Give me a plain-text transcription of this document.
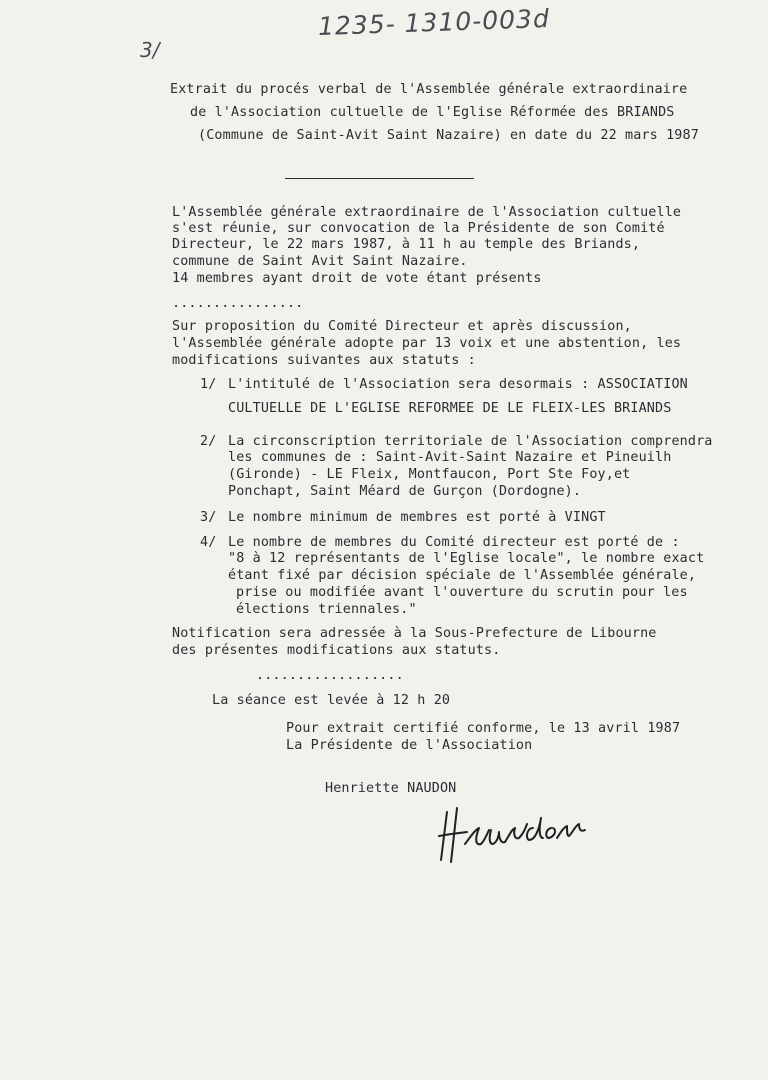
1235- 1310-003d
3/
Extrait du procés verbal de l'Assemblée générale extraordinaire
de l'Association cultuelle de l'Eglise Réformée des BRIANDS
(Commune de Saint-Avit Saint Nazaire) en date du 22 mars 1987
L'Assemblée générale extraordinaire de l'Association cultuelle
s'est réunie, sur convocation de la Présidente de son Comité
Directeur, le 22 mars 1987, à 11 h au temple des Briands,
commune de Saint Avit Saint Nazaire.
14 membres ayant droit de vote étant présents
................
Sur proposition du Comité Directeur et après discussion,
l'Assemblée générale adopte par 13 voix et une abstention, les
modifications suivantes aux statuts :
1/ L'intitulé de l'Association sera desormais : ASSOCIATION
CULTUELLE DE L'EGLISE REFORMEE DE LE FLEIX-LES BRIANDS
2/ La circonscription territoriale de l'Association comprendra
les communes de : Saint-Avit-Saint Nazaire et Pineuilh
(Gironde) - LE Fleix, Montfaucon, Port Ste Foy,et
Ponchapt, Saint Méard de Gurçon (Dordogne).
3/ Le nombre minimum de membres est porté à VINGT
4/ Le nombre de membres du Comité directeur est porté de :
"8 à 12 représentants de l'Eglise locale", le nombre exact
étant fixé par décision spéciale de l'Assemblée générale,
prise ou modifiée avant l'ouverture du scrutin pour les
élections triennales."
Notification sera adressée à la Sous-Prefecture de Libourne
des présentes modifications aux statuts.
..................
La séance est levée à 12 h 20
Pour extrait certifié conforme, le 13 avril 1987
La Présidente de l'Association
Henriette NAUDON
